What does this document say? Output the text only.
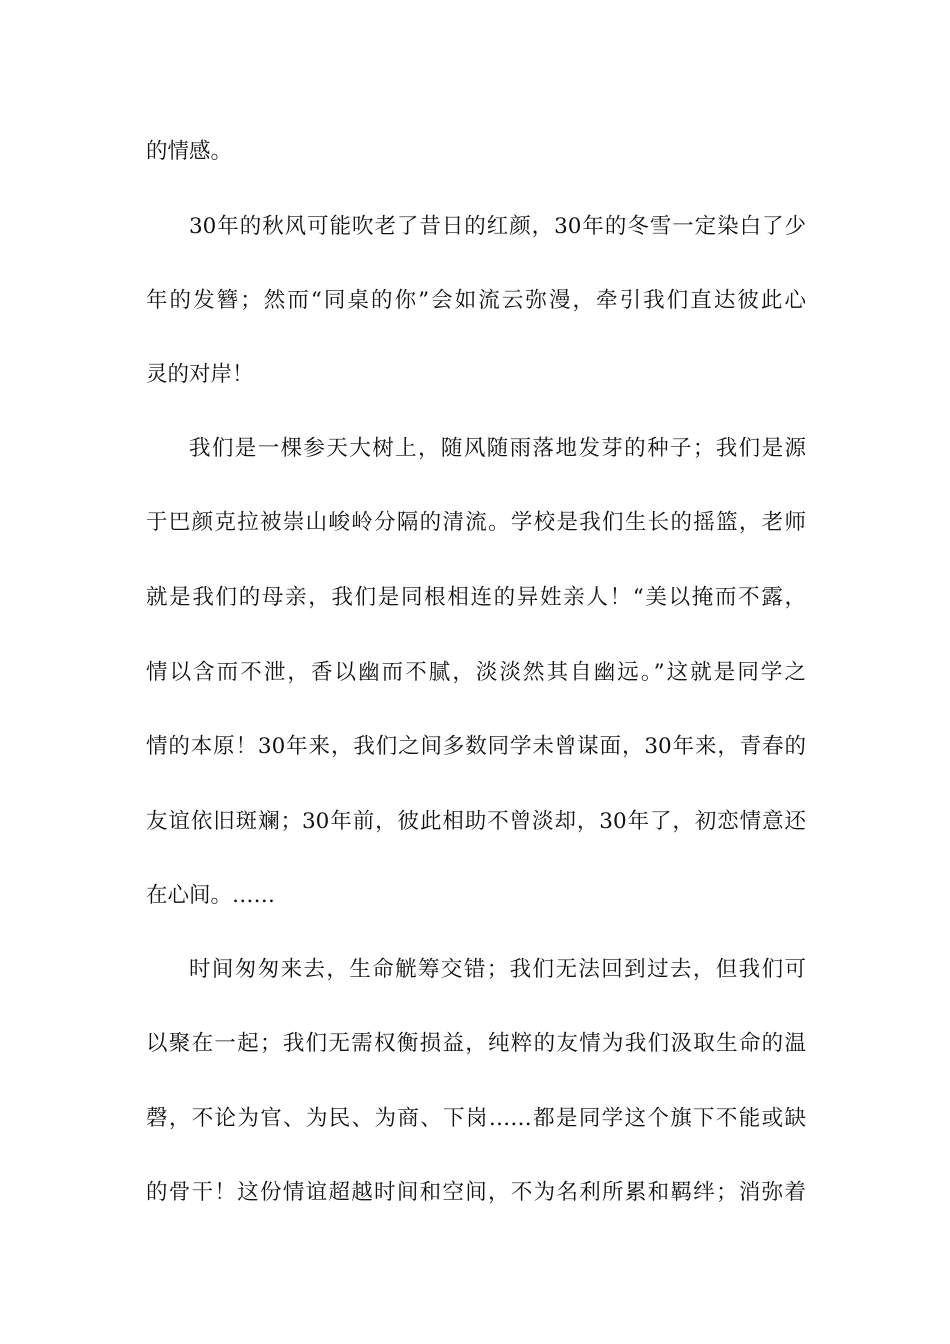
的情感。
30年的秋风可能吹老了昔日的红颜，30年的冬雪一定染白了少
年的发簪；然而“同桌的你”会如流云弥漫，牵引我们直达彼此心
灵的对岸！
我们是一棵参天大树上，随风随雨落地发芽的种子；我们是源
于巴颜克拉被崇山峻岭分隔的清流。学校是我们生长的摇篮，老师
就是我们的母亲，我们是同根相连的异姓亲人！“美以掩而不露，
情以含而不泄，香以幽而不腻，淡淡然其自幽远。”这就是同学之
情的本原！30年来，我们之间多数同学未曾谋面，30年来，青春的
友谊依旧斑斓；30年前，彼此相助不曾淡却，30年了，初恋情意还
在心间。……
时间匆匆来去，生命觥筹交错；我们无法回到过去，但我们可
以聚在一起；我们无需权衡损益，纯粹的友情为我们汲取生命的温
磬，不论为官、为民、为商、下岗……都是同学这个旗下不能或缺
的骨干！这份情谊超越时间和空间，不为名利所累和羁绊；消弥着
